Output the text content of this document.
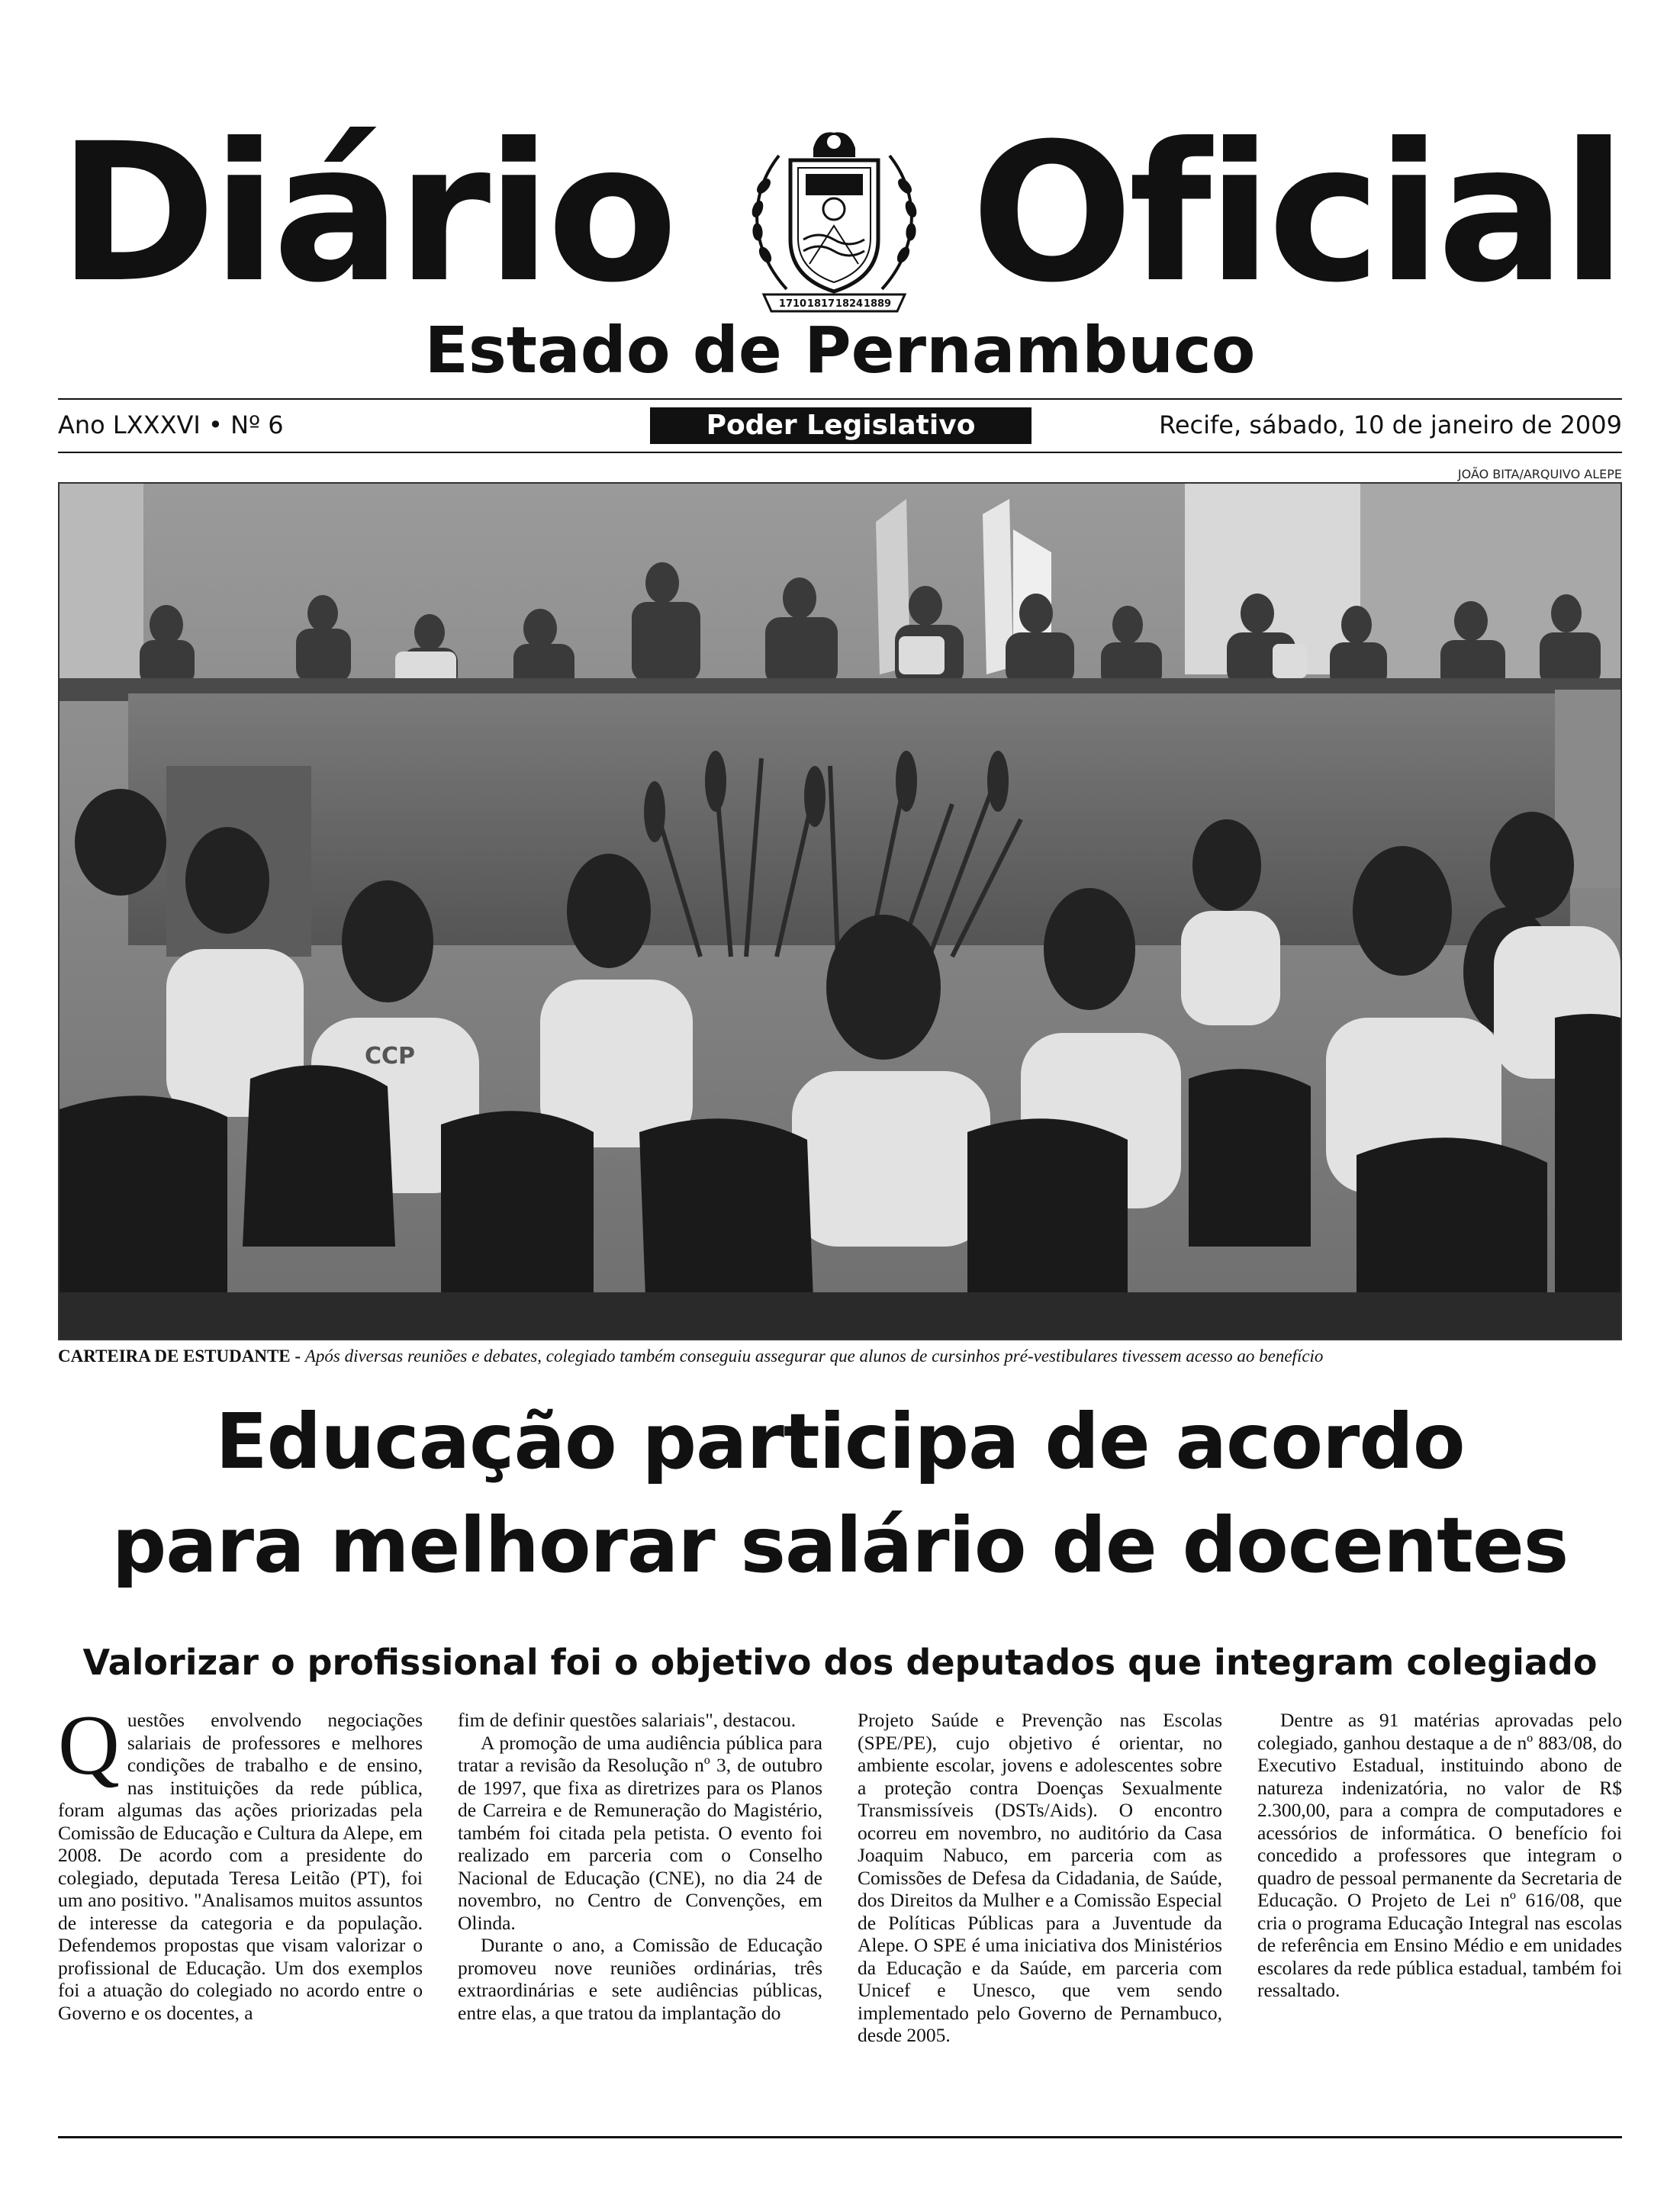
Diário Oficial
1710 1817 1824 1889
Estado de Pernambuco
Ano LXXXVI • Nº 6	Poder Legislativo	Recife, sábado, 10 de janeiro de 2009
JOÃO BITA/ARQUIVO ALEPE
CCP
CARTEIRA DE ESTUDANTE - Após diversas reuniões e debates, colegiado também conseguiu assegurar que alunos de cursinhos pré-vestibulares tivessem acesso ao benefício
Educação participa de acordo
para melhorar salário de docentes
Valorizar o profissional foi o objetivo dos deputados que integram colegiado
Q uestões envolvendo negociações salariais de professores e melhores condições de trabalho e de ensino, nas instituições da rede pública, foram algumas das ações priorizadas pela Comissão de Educação e Cultura da Alepe, em 2008. De acordo com a presidente do colegiado, deputada Teresa Leitão (PT), foi um ano positivo. "Analisamos muitos assuntos de interesse da categoria e da população. Defendemos propostas que visam valorizar o profissional de Educação. Um dos exemplos foi a atuação do colegiado no acordo entre o Governo e os docentes, a

fim de definir questões salariais", destacou.

A promoção de uma audiência pública para tratar a revisão da Resolução nº 3, de outubro de 1997, que fixa as diretrizes para os Planos de Carreira e de Remuneração do Magistério, também foi citada pela petista. O evento foi realizado em parceria com o Conselho Nacional de Educação (CNE), no dia 24 de novembro, no Centro de Convenções, em Olinda.

Durante o ano, a Comissão de Educação promoveu nove reuniões ordinárias, três extraordinárias e sete audiências públicas, entre elas, a que tratou da implantação do

Projeto Saúde e Prevenção nas Escolas (SPE/PE), cujo objetivo é orientar, no ambiente escolar, jovens e adolescentes sobre a proteção contra Doenças Sexualmente Transmissíveis (DSTs/Aids). O encontro ocorreu em novembro, no auditório da Casa Joaquim Nabuco, em parceria com as Comissões de Defesa da Cidadania, de Saúde, dos Direitos da Mulher e a Comissão Especial de Políticas Públicas para a Juventude da Alepe. O SPE é uma iniciativa dos Ministérios da Educação e da Saúde, em parceria com Unicef e Unesco, que vem sendo implementado pelo Governo de Pernambuco, desde 2005.

Dentre as 91 matérias aprovadas pelo colegiado, ganhou destaque a de nº 883/08, do Executivo Estadual, instituindo abono de natureza indenizatória, no valor de R$ 2.300,00, para a compra de computadores e acessórios de informática. O benefício foi concedido a professores que integram o quadro de pessoal permanente da Secretaria de Educação. O Projeto de Lei nº 616/08, que cria o programa Educação Integral nas escolas de referência em Ensino Médio e em unidades escolares da rede pública estadual, também foi ressaltado.
